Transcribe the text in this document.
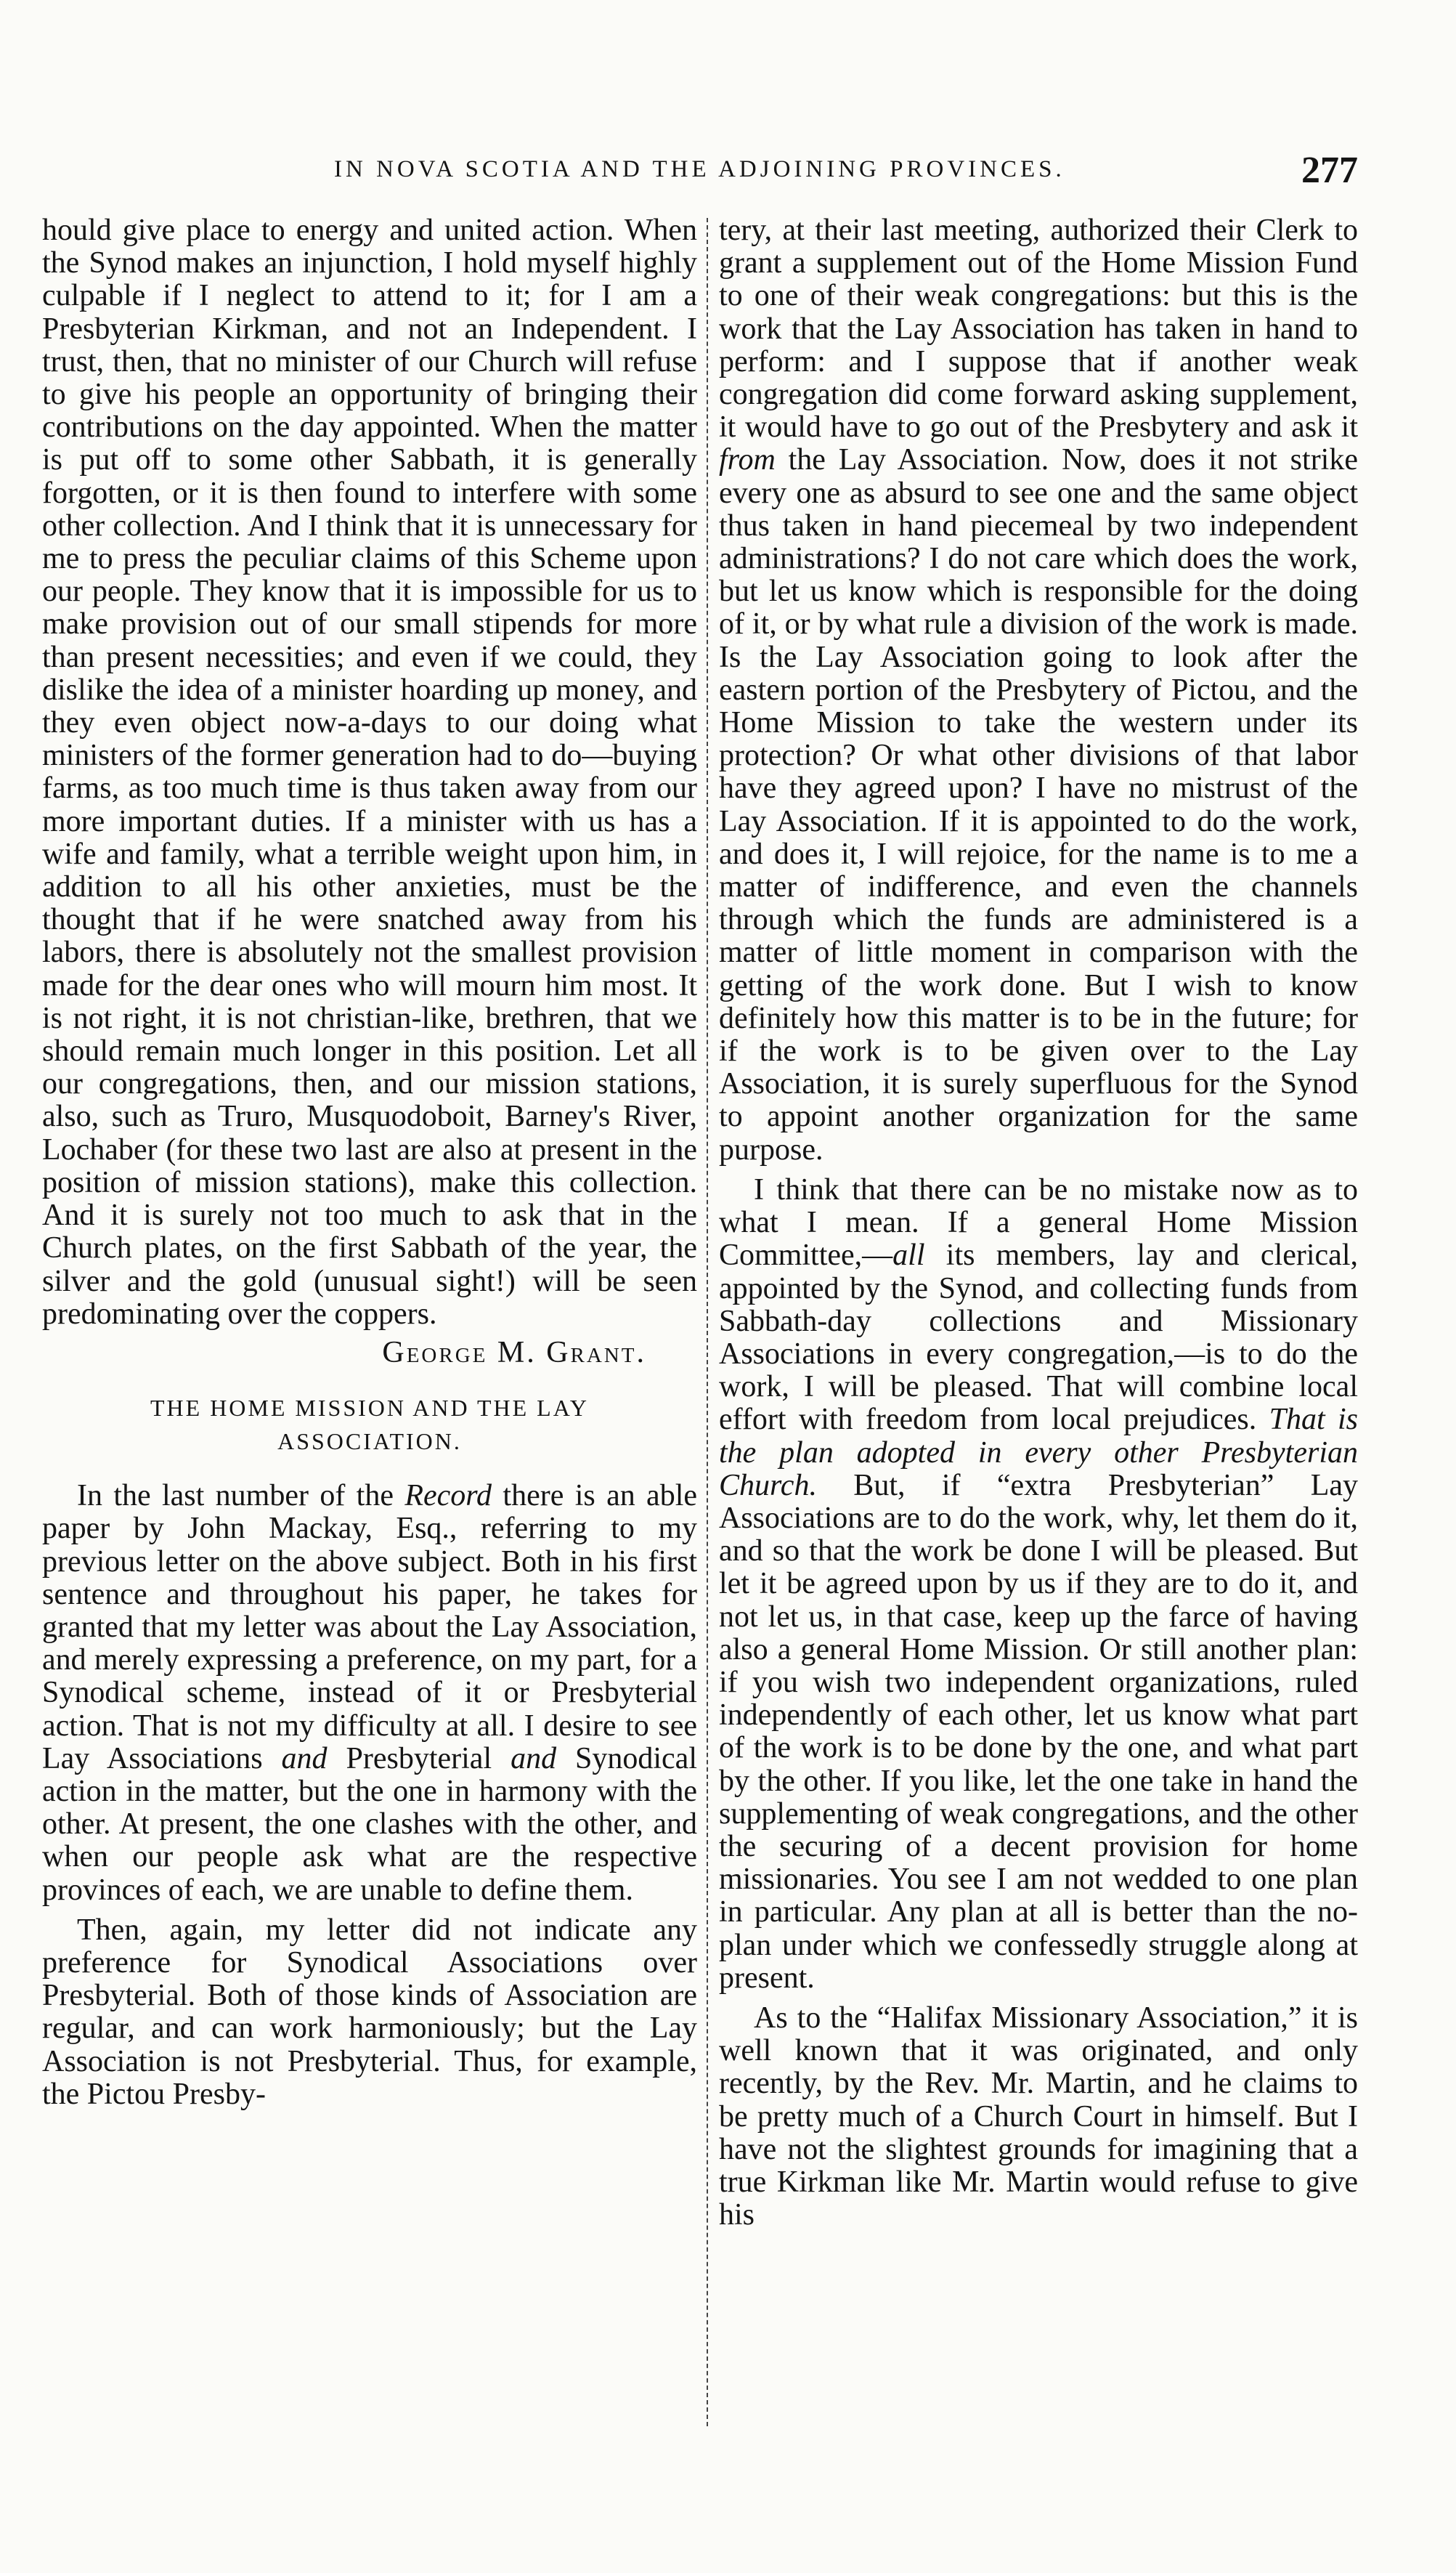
IN NOVA SCOTIA AND THE ADJOINING PROVINCES.	277

hould give place to energy and united action. When the Synod makes an injunction, I hold myself highly culpable if I neglect to attend to it; for I am a Presbyterian Kirkman, and not an Independent. I trust, then, that no minister of our Church will refuse to give his people an opportunity of bringing their contributions on the day appointed. When the matter is put off to some other Sabbath, it is generally forgotten, or it is then found to interfere with some other collection. And I think that it is unnecessary for me to press the peculiar claims of this Scheme upon our people. They know that it is impossible for us to make provision out of our small stipends for more than present necessities; and even if we could, they dislike the idea of a minister hoarding up money, and they even object now-a-days to our doing what ministers of the former generation had to do—buying farms, as too much time is thus taken away from our more important duties. If a minister with us has a wife and family, what a terrible weight upon him, in addition to all his other anxieties, must be the thought that if he were snatched away from his labors, there is absolutely not the smallest provision made for the dear ones who will mourn him most. It is not right, it is not christian-like, brethren, that we should remain much longer in this position. Let all our congregations, then, and our mission stations, also, such as Truro, Musquodoboit, Barney's River, Lochaber (for these two last are also at present in the position of mission stations), make this collection. And it is surely not too much to ask that in the Church plates, on the first Sabbath of the year, the silver and the gold (unusual sight!) will be seen predominating over the coppers.

George M. Grant.
THE HOME MISSION AND THE LAY ASSOCIATION.

In the last number of the Record there is an able paper by John Mackay, Esq., referring to my previous letter on the above subject. Both in his first sentence and throughout his paper, he takes for granted that my letter was about the Lay Association, and merely expressing a preference, on my part, for a Synodical scheme, instead of it or Presbyterial action. That is not my difficulty at all. I desire to see Lay Associations and Presbyterial and Synodical action in the matter, but the one in harmony with the other. At present, the one clashes with the other, and when our people ask what are the respective provinces of each, we are unable to define them.

Then, again, my letter did not indicate any preference for Synodical Associations over Presbyterial. Both of those kinds of Association are regular, and can work harmoniously; but the Lay Association is not Presbyterial. Thus, for example, the Pictou Presby-

tery, at their last meeting, authorized their Clerk to grant a supplement out of the Home Mission Fund to one of their weak congregations: but this is the work that the Lay Association has taken in hand to perform: and I suppose that if another weak congregation did come forward asking supplement, it would have to go out of the Presbytery and ask it from the Lay Association. Now, does it not strike every one as absurd to see one and the same object thus taken in hand piecemeal by two independent administrations? I do not care which does the work, but let us know which is responsible for the doing of it, or by what rule a division of the work is made. Is the Lay Association going to look after the eastern portion of the Presbytery of Pictou, and the Home Mission to take the western under its protection? Or what other divisions of that labor have they agreed upon? I have no mistrust of the Lay Association. If it is appointed to do the work, and does it, I will rejoice, for the name is to me a matter of indifference, and even the channels through which the funds are administered is a matter of little moment in comparison with the getting of the work done. But I wish to know definitely how this matter is to be in the future; for if the work is to be given over to the Lay Association, it is surely superfluous for the Synod to appoint another organization for the same purpose.

I think that there can be no mistake now as to what I mean. If a general Home Mission Committee,—all its members, lay and clerical, appointed by the Synod, and collecting funds from Sabbath-day collections and Missionary Associations in every congregation,—is to do the work, I will be pleased. That will combine local effort with freedom from local prejudices. That is the plan adopted in every other Presbyterian Church. But, if “extra Presbyterian” Lay Associations are to do the work, why, let them do it, and so that the work be done I will be pleased. But let it be agreed upon by us if they are to do it, and not let us, in that case, keep up the farce of having also a general Home Mission. Or still another plan: if you wish two independent organizations, ruled independently of each other, let us know what part of the work is to be done by the one, and what part by the other. If you like, let the one take in hand the supplementing of weak congregations, and the other the securing of a decent provision for home missionaries. You see I am not wedded to one plan in particular. Any plan at all is better than the no-plan under which we confessedly struggle along at present.

As to the “Halifax Missionary Association,” it is well known that it was originated, and only recently, by the Rev. Mr. Martin, and he claims to be pretty much of a Church Court in himself. But I have not the slightest grounds for imagining that a true Kirkman like Mr. Martin would refuse to give his
